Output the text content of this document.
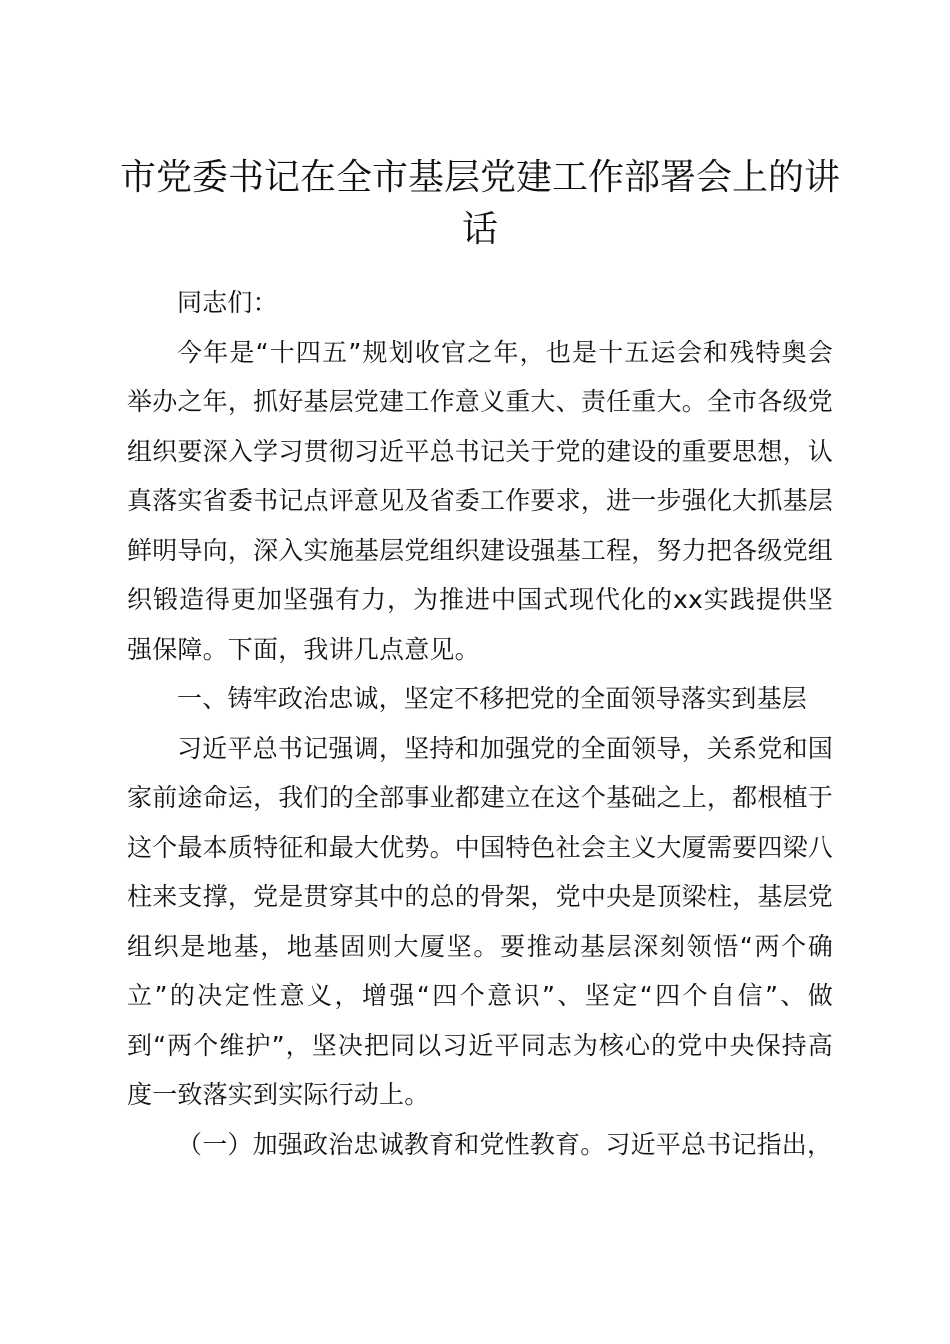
市党委书记在全市基层党建工作部署会上的讲话

同志们：

今年是“十四五”规划收官之年，也是十五运会和残特奥会举办之年，抓好基层党建工作意义重大、责任重大。全市各级党组织要深入学习贯彻习近平总书记关于党的建设的重要思想，认真落实省委书记点评意见及省委工作要求，进一步强化大抓基层鲜明导向，深入实施基层党组织建设强基工程，努力把各级党组织锻造得更加坚强有力，为推进中国式现代化的xx实践提供坚强保障。下面，我讲几点意见。

一、铸牢政治忠诚，坚定不移把党的全面领导落实到基层

习近平总书记强调，坚持和加强党的全面领导，关系党和国家前途命运，我们的全部事业都建立在这个基础之上，都根植于这个最本质特征和最大优势。中国特色社会主义大厦需要四梁八柱来支撑，党是贯穿其中的总的骨架，党中央是顶梁柱，基层党组织是地基，地基固则大厦坚。要推动基层深刻领悟“两个确立”的决定性意义，增强“四个意识”、坚定“四个自信”、做到“两个维护”，坚决把同以习近平同志为核心的党中央保持高度一致落实到实际行动上。

（一）加强政治忠诚教育和党性教育。习近平总书记指出，
